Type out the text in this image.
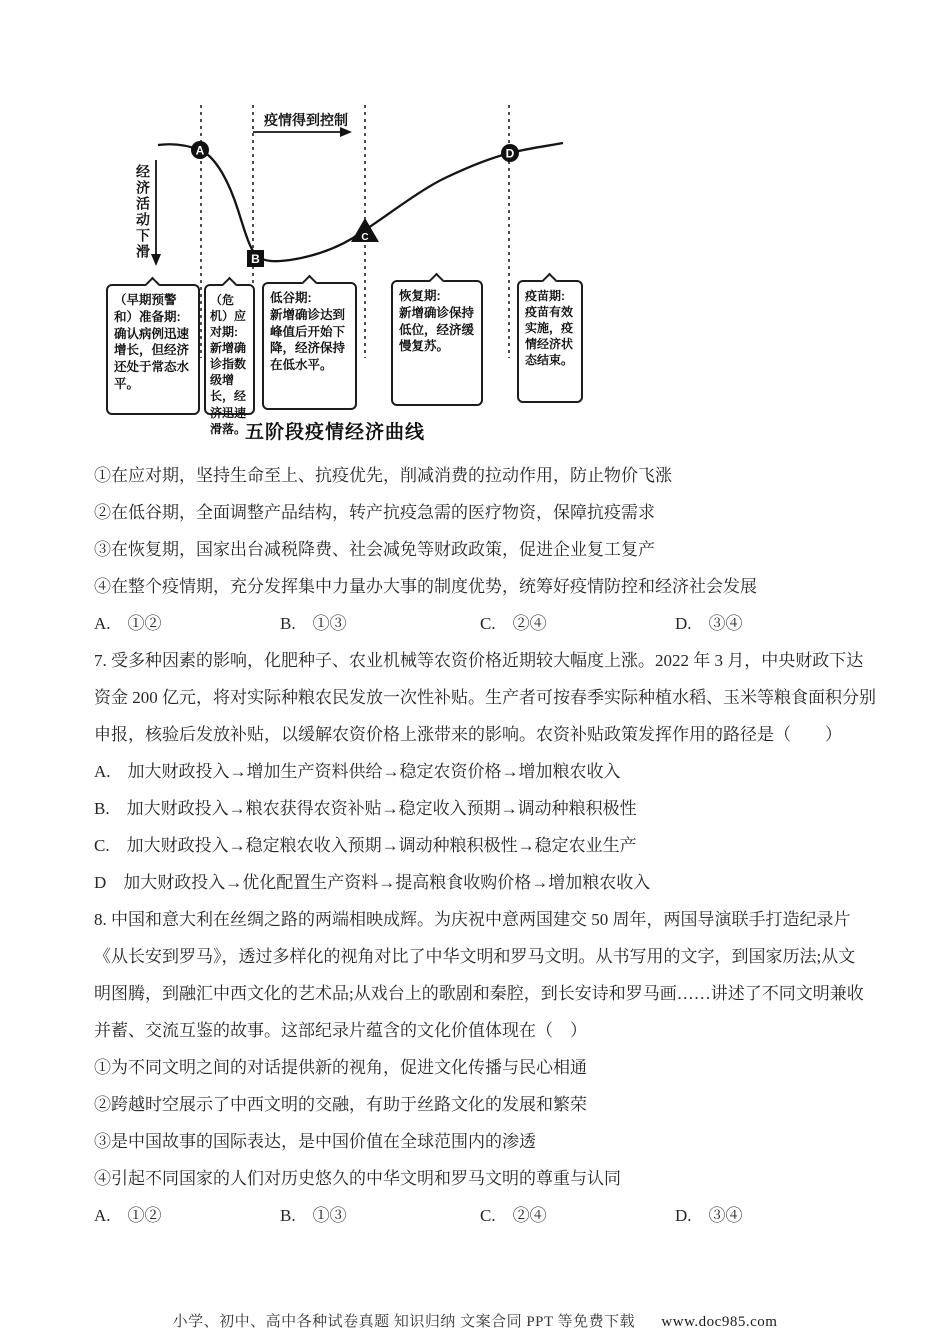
A
B
C
D
经济活动下滑
疫情得到控制
（早期预警和）准备期:
确认病例迅速增长，但经济还处于常态水平。
（危机）应对期:
新增确诊指数级增长，经济迅速滑落。
低谷期:
新增确诊达到峰值后开始下降，经济保持在低水平。
恢复期:
新增确诊保持低位，经济缓慢复苏。
疫苗期:
疫苗有效实施，疫情经济状态结束。
五阶段疫情经济曲线
①在应对期，坚持生命至上、抗疫优先，削减消费的拉动作用，防止物价飞涨
②在低谷期，全面调整产品结构，转产抗疫急需的医疗物资，保障抗疫需求
③在恢复期，国家出台减税降费、社会减免等财政政策，促进企业复工复产
④在整个疫情期，充分发挥集中力量办大事的制度优势，统筹好疫情防控和经济社会发展
A.　①②	B.　①③	C.　②④	D.　③④
7. 受多种因素的影响，化肥种子、农业机械等农资价格近期较大幅度上涨。2022 年 3 月，中央财政下达
资金 200 亿元，将对实际种粮农民发放一次性补贴。生产者可按春季实际种植水稻、玉米等粮食面积分别
申报，核验后发放补贴，以缓解农资价格上涨带来的影响。农资补贴政策发挥作用的路径是（　　）
A.　加大财政投入→增加生产资料供给→稳定农资价格→增加粮农收入
B.　加大财政投入→粮农获得农资补贴→稳定收入预期→调动种粮积极性
C.　加大财政投入→稳定粮农收入预期→调动种粮积极性→稳定农业生产
D　加大财政投入→优化配置生产资料→提高粮食收购价格→增加粮农收入
8. 中国和意大利在丝绸之路的两端相映成辉。为庆祝中意两国建交 50 周年，两国导演联手打造纪录片
《从长安到罗马》，透过多样化的视角对比了中华文明和罗马文明。从书写用的文字，到国家历法;从文
明图腾，到融汇中西文化的艺术品;从戏台上的歌剧和秦腔，到长安诗和罗马画……讲述了不同文明兼收
并蓄、交流互鉴的故事。这部纪录片蕴含的文化价值体现在（　）
①为不同文明之间的对话提供新的视角，促进文化传播与民心相通
②跨越时空展示了中西文明的交融，有助于丝路文化的发展和繁荣
③是中国故事的国际表达，是中国价值在全球范围内的渗透
④引起不同国家的人们对历史悠久的中华文明和罗马文明的尊重与认同
A.　①②	B.　①③	C.　②④	D.　③④
小学、初中、高中各种试卷真题 知识归纳 文案合同 PPT 等免费下载 www.doc985.com
